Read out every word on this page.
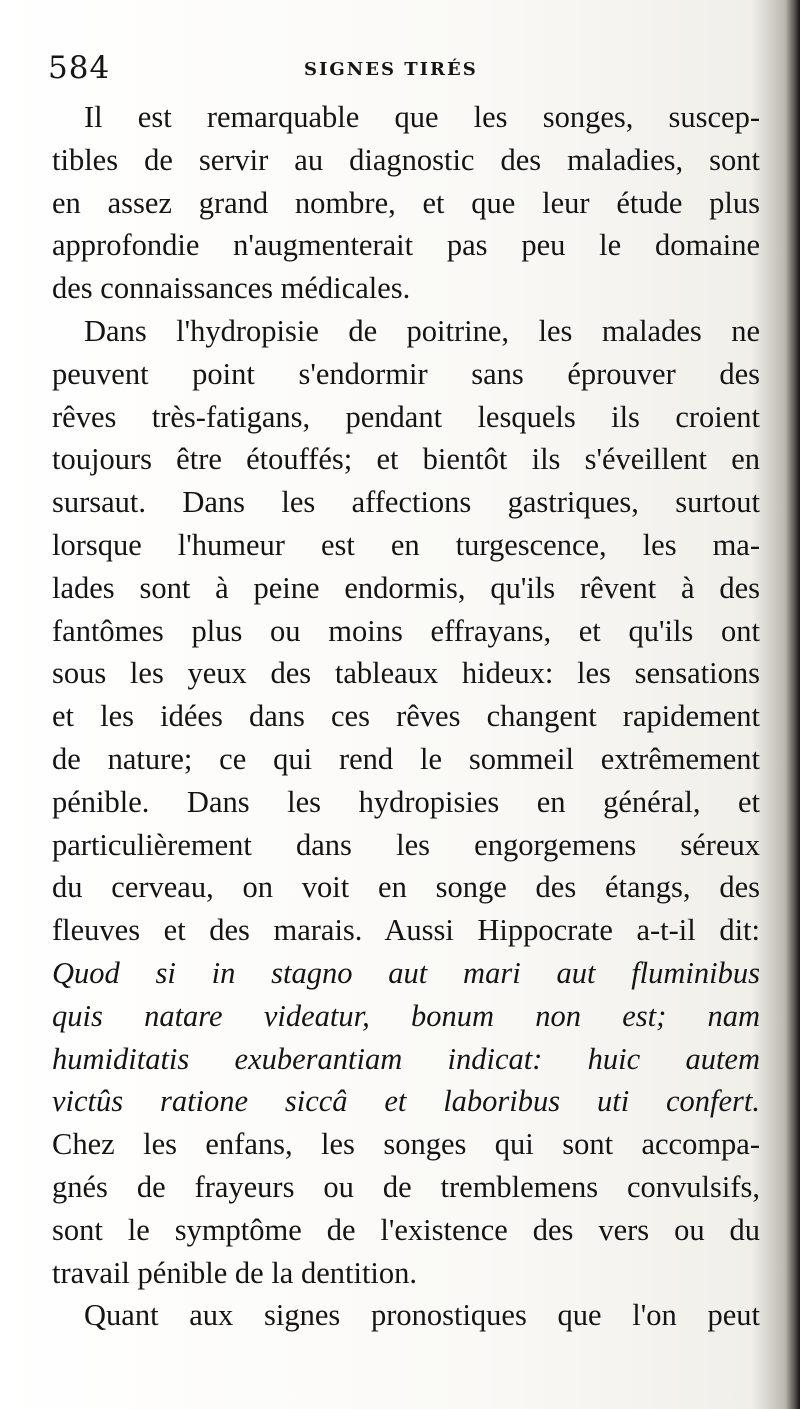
584	SIGNES TIRÉS
Il est remarquable que les songes, suscep-
tibles de servir au diagnostic des maladies, sont
en assez grand nombre, et que leur étude plus
approfondie n'augmenterait pas peu le domaine
des connaissances médicales.
Dans l'hydropisie de poitrine, les malades ne
peuvent point s'endormir sans éprouver des
rêves très-fatigans, pendant lesquels ils croient
toujours être étouffés; et bientôt ils s'éveillent en
sursaut. Dans les affections gastriques, surtout
lorsque l'humeur est en turgescence, les ma-
lades sont à peine endormis, qu'ils rêvent à des
fantômes plus ou moins effrayans, et qu'ils ont
sous les yeux des tableaux hideux: les sensations
et les idées dans ces rêves changent rapidement
de nature; ce qui rend le sommeil extrêmement
pénible. Dans les hydropisies en général, et
particulièrement dans les engorgemens séreux
du cerveau, on voit en songe des étangs, des
fleuves et des marais. Aussi Hippocrate a-t-il dit:
Quod si in stagno aut mari aut fluminibus
quis natare videatur, bonum non est; nam
humiditatis exuberantiam indicat: huic autem
victûs ratione siccâ et laboribus uti confert.
Chez les enfans, les songes qui sont accompa-
gnés de frayeurs ou de tremblemens convulsifs,
sont le symptôme de l'existence des vers ou du
travail pénible de la dentition.
Quant aux signes pronostiques que l'on peut
